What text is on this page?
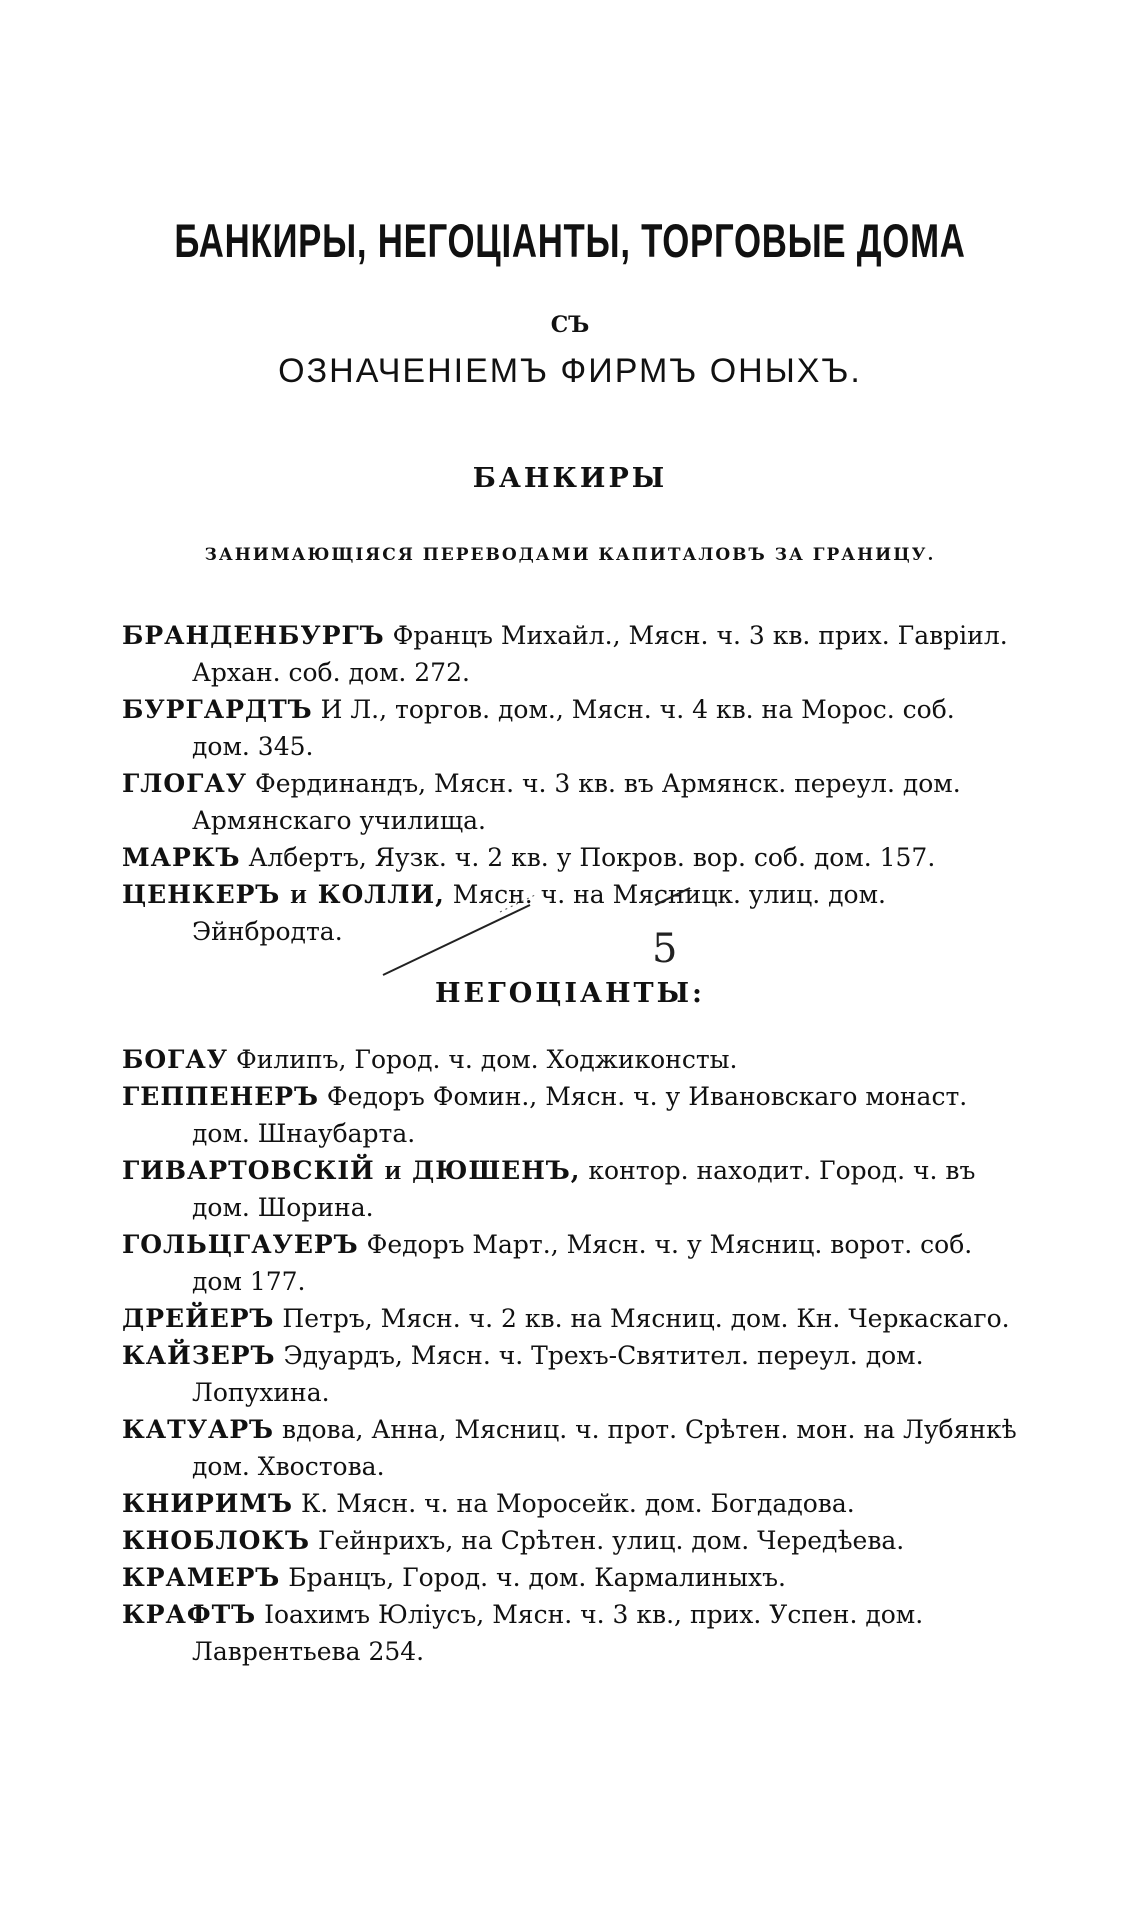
БАНКИРЫ, НЕГОЦІАНТЫ, ТОРГОВЫЕ ДОМА
СЪ
ОЗНАЧЕНІЕМЪ ФИРМЪ ОНЫХЪ.
БАНКИРЫ
ЗАНИМАЮЩІЯСЯ ПЕРЕВОДАМИ КАПИТАЛОВЪ ЗА ГРАНИЦУ.

БРАНДЕНБУРГЪ Францъ Михайл., Мясн. ч. 3 кв. прих. Гавріил. Архан. соб. дом. 272.

БУРГАРДТЪ И Л., торгов. дом., Мясн. ч. 4 кв. на Морос. соб. дом. 345.

ГЛОГАУ Фердинандъ, Мясн. ч. 3 кв. въ Армянск. переул. дом. Армянскаго училища.

МАРКЪ Албертъ, Яузк. ч. 2 кв. у Покров. вор. соб. дом. 157.

ЦЕНКЕРЪ и КОЛЛИ, Мясн. ч. на Мясницк. улиц. дом. Эйнбродта.	5
НЕГОЦІАНТЫ:

БОГАУ Филипъ, Город. ч. дом. Ходжиконсты.

ГЕППЕНЕРЪ Федоръ Фомин., Мясн. ч. у Ивановскаго монаст. дом. Шнаубарта.

ГИВАРТОВСКІЙ и ДЮШЕНЪ, контор. находит. Город. ч. въ дом. Шорина.

ГОЛЬЦГАУЕРЪ Федоръ Март., Мясн. ч. у Мясниц. ворот. соб. дом 177.

ДРЕЙЕРЪ Петръ, Мясн. ч. 2 кв. на Мясниц. дом. Кн. Черкаскаго.

КАЙЗЕРЪ Эдуардъ, Мясн. ч. Трехъ-Святител. переул. дом. Лопухина.

КАТУАРЪ вдова, Анна, Мясниц. ч. прот. Срѣтен. мон. на Лубянкѣ дом. Хвостова.

КНИРИМЪ К. Мясн. ч. на Моросейк. дом. Богдадова.

КНОБЛОКЪ Гейнрихъ, на Срѣтен. улиц. дом. Чередѣева.

КРАМЕРЪ Бранцъ, Город. ч. дом. Кармалиныхъ.

КРАФТЪ Іоахимъ Юліусъ, Мясн. ч. 3 кв., прих. Успен. дом. Лаврентьева 254.
